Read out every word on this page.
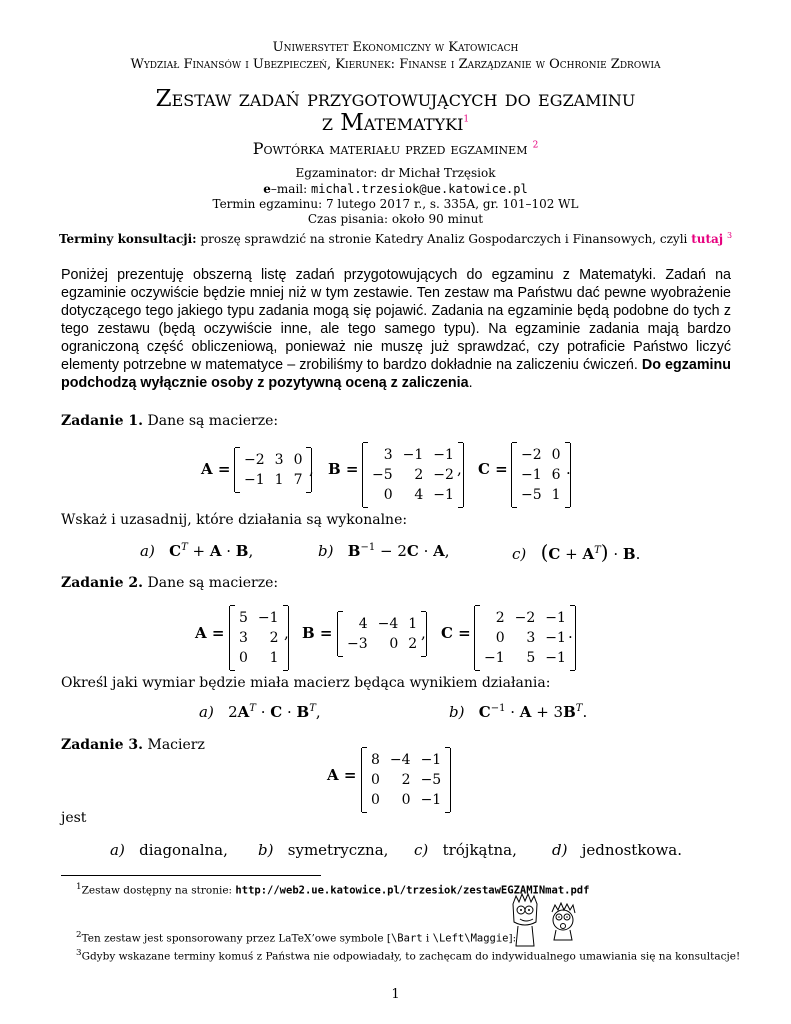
Uniwersytet Ekonomiczny w Katowicach
Wydział Finansów i Ubezpieczeń, Kierunek: Finanse i Zarządzanie w Ochronie Zdrowia
Zestaw zadań przygotowujących do egzaminu
z Matematyki$^1$
Powtórka materiału przed egzaminem $^2$
Egzaminator: dr Michał Trzęsiok
e–mail: michal.trzesiok@ue.katowice.pl
Termin egzaminu: 7 lutego 2017 r., s. 335A, gr. 101–102 WL
Czas pisania: około 90 minut
Terminy konsultacji: proszę sprawdzić na stronie Katedry Analiz Gospodarczych i Finansowych, czyli tutaj $^3$
Poniżej prezentuję obszerną listę zadań przygotowujących do egzaminu z Matematyki. Zadań na egzaminie oczywiście będzie mniej niż w tym zestawie. Ten zestaw ma Państwu dać pewne wyobrażenie dotyczącego tego jakiego typu zadania mogą się pojawić. Zadania na egzaminie będą podobne do tych z tego zestawu (będą oczywiście inne, ale tego samego typu). Na egzaminie zadania mają bardzo ograniczoną część obliczeniową, ponieważ nie muszę już sprawdzać, czy potraficie Państwo liczyć elementy potrzebne w matematyce – zrobiliśmy to bardzo dokładnie na zaliczeniu ćwiczeń. Do egzaminu podchodzą wyłącznie osoby z pozytywną oceną z zaliczenia.
Zadanie 1. Dane są macierze:
A = −2	3	0
−1	1	7
, B =
3	−1	−1
−5	2	−2
0	4	−1
, C =
−2	0
−1	6
−5	1
.
Wskaż i uzasadnij, które działania są wykonalne:
a) $C^T + A \cdot B$,	b) $B^{-1} - 2C \cdot A$,	c) $(C + A^T) \cdot B$.
Zadanie 2. Dane są macierze:
A =
5	−1
3	2
0	1
, B = 4	−4	1
−3	0	2
, C =
2	−2	−1
0	3	−1
−1	5	−1
.
Określ jaki wymiar będzie miała macierz będąca wynikiem działania:
a)   $2A^T \cdot C \cdot B^T$,	b) $C^{-1} \cdot A + 3B^T$.
Zadanie 3. Macierz
A =
8	−4	−1
0	2	−5
0	0	−1
jest
a) diagonalna, b) symetryczna, c) trójkątna, d) jednostkowa.
$^1$Zestaw dostępny na stronie: http://web2.ue.katowice.pl/trzesiok/zestawEGZAMINmat.pdf
$^2$Ten zestaw jest sponsorowany przez LaTeX’owe symbole [\Bart i \Left\Maggie]:
$^3$Gdyby wskazane terminy komuś z Państwa nie odpowiadały, to zachęcam do indywidualnego umawiania się na konsultacje!
1
